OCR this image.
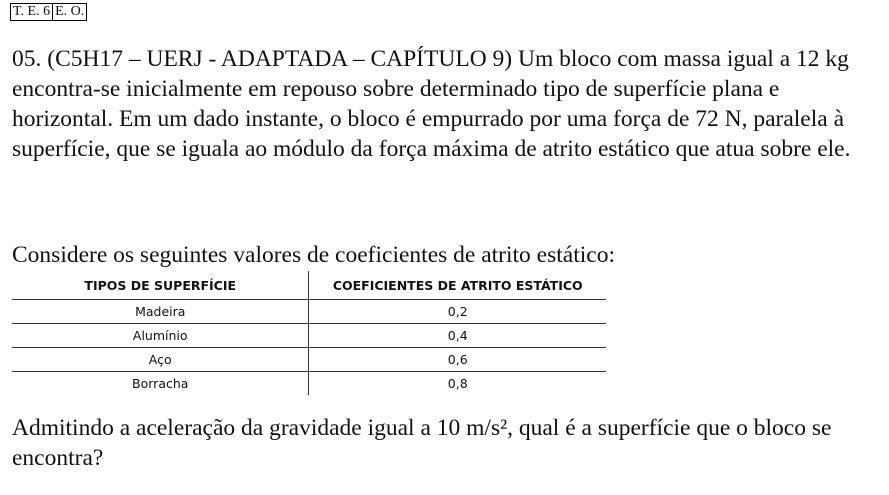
T. E. 6 E. O.

05. (C5H17 – UERJ - ADAPTADA – CAPÍTULO 9) Um bloco com massa igual a 12 kg encontra-se inicialmente em repouso sobre determinado tipo de superfície plana e horizontal. Em um dado instante, o bloco é empurrado por uma força de 72 N, paralela à superfície, que se iguala ao módulo da força máxima de atrito estático que atua sobre ele.

Considere os seguintes valores de coeficientes de atrito estático:

TIPOS DE SUPERFÍCIE	COEFICIENTES DE ATRITO ESTÁTICO
Madeira	0,2
Alumínio	0,4
Aço	0,6
Borracha	0,8

Admitindo a aceleração da gravidade igual a 10 m/s², qual é a superfície que o bloco se encontra?
